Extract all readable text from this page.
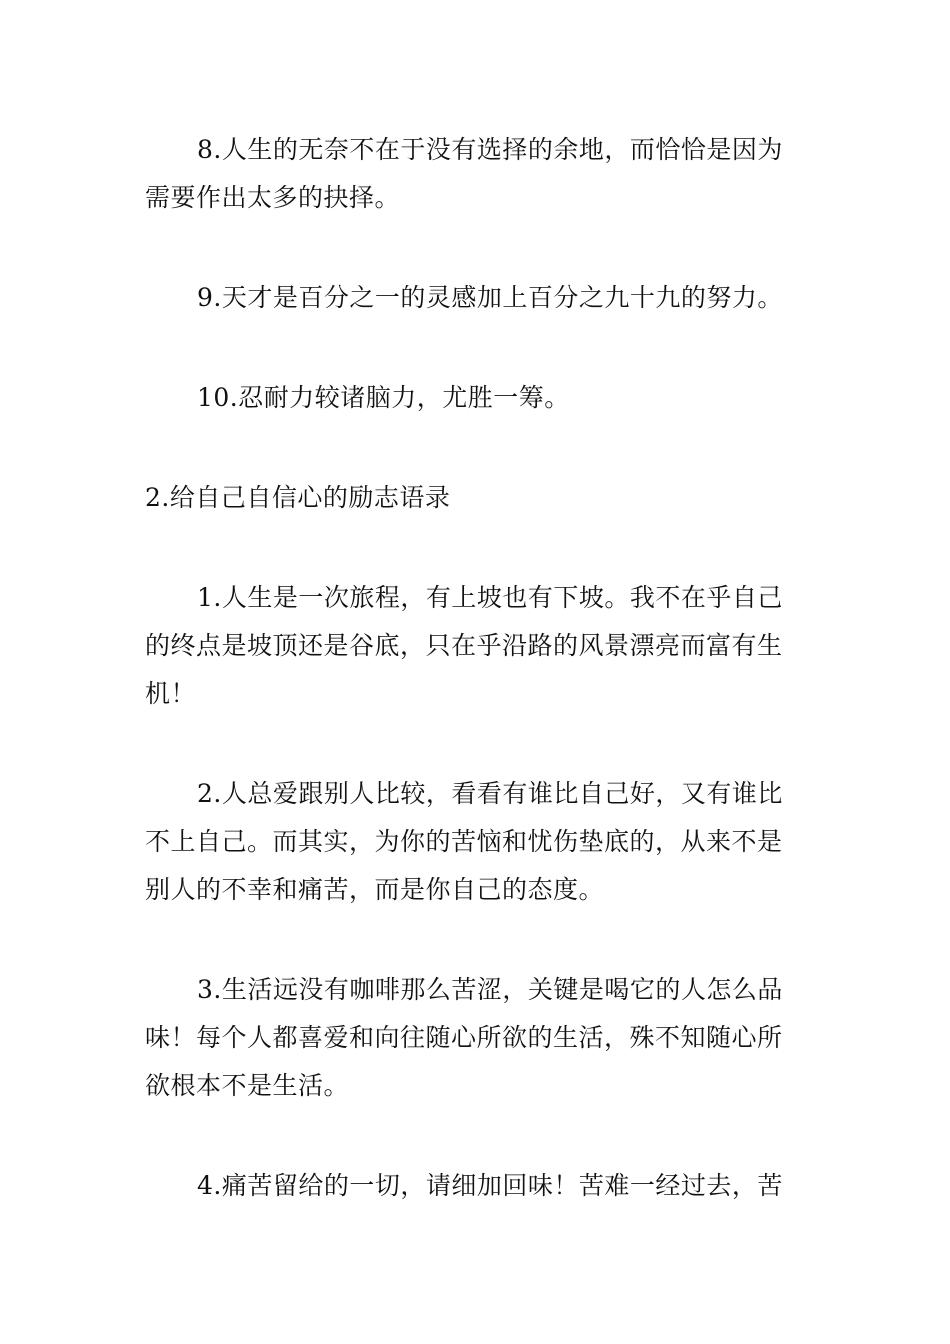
8.人生的无奈不在于没有选择的余地，而恰恰是因为需要作出太多的抉择。

9.天才是百分之一的灵感加上百分之九十九的努力。

10.忍耐力较诸脑力，尤胜一筹。

2.给自己自信心的励志语录

1.人生是一次旅程，有上坡也有下坡。我不在乎自己的终点是坡顶还是谷底，只在乎沿路的风景漂亮而富有生机！

2.人总爱跟别人比较，看看有谁比自己好，又有谁比不上自己。而其实，为你的苦恼和忧伤垫底的，从来不是别人的不幸和痛苦，而是你自己的态度。

3.生活远没有咖啡那么苦涩，关键是喝它的人怎么品味！每个人都喜爱和向往随心所欲的生活，殊不知随心所欲根本不是生活。

4.痛苦留给的一切，请细加回味！苦难一经过去，苦
